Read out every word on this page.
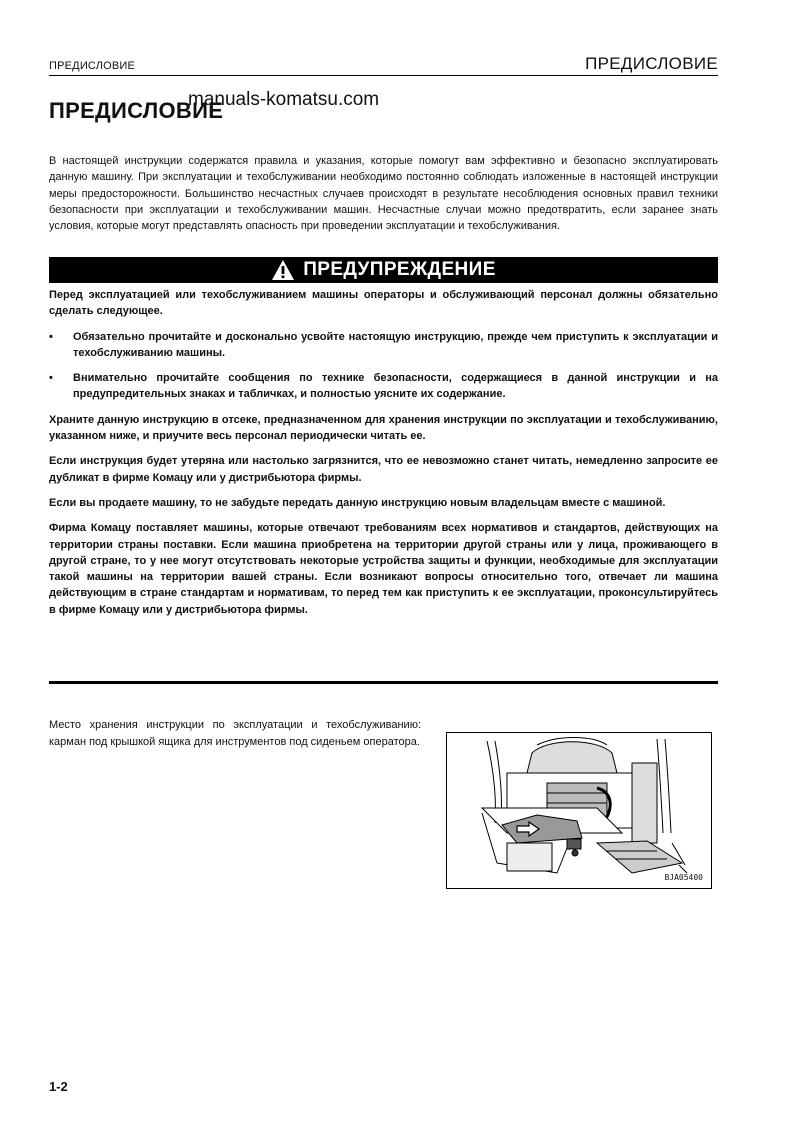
ПРЕДИСЛОВИЕ	ПРЕДИСЛОВИЕ
ПРЕДИСЛОВИЕ
manuals-komatsu.com
В настоящей инструкции содержатся правила и указания, которые помогут вам эффективно и безопасно эксплуатировать данную машину. При эксплуатации и техобслуживании необходимо постоянно соблюдать изложенные в настоящей инструкции меры предосторожности. Большинство несчастных случаев происходят в результате несоблюдения основных правил техники безопасности при эксплуатации и техобслуживании машин. Несчастные случаи можно предотвратить, если заранее знать условия, которые могут представлять опасность при проведении эксплуатации и техобслуживания.
ПРЕДУПРЕЖДЕНИЕ

Перед эксплуатацией или техобслуживанием машины операторы и обслуживающий персонал должны обязательно сделать следующее.

•	Обязательно прочитайте и досконально усвойте настоящую инструкцию, прежде чем приступить к эксплуатации и техобслуживанию машины.
•	Внимательно прочитайте сообщения по технике безопасности, содержащиеся в данной инструкции и на предупредительных знаках и табличках, и полностью уясните их содержание.

Храните данную инструкцию в отсеке, предназначенном для хранения инструкции по эксплуатации и техобслуживанию, указанном ниже, и приучите весь персонал периодически читать ее.

Если инструкция будет утеряна или настолько загрязнится, что ее невозможно станет читать, немедленно запросите ее дубликат в фирме Комацу или у дистрибьютора фирмы.

Если вы продаете машину, то не забудьте передать данную инструкцию новым владельцам вместе с машиной.

Фирма Комацу поставляет машины, которые отвечают требованиям всех нормативов и стандартов, действующих на территории страны поставки. Если машина приобретена на территории другой страны или у лица, проживающего в другой стране, то у нее могут отсутствовать некоторые устройства защиты и функции, необходимые для эксплуатации такой машины на территории вашей страны. Если возникают вопросы относительно того, отвечает ли машина действующим в стране стандартам и нормативам, то перед тем как приступить к ее эксплуатации, проконсультируйтесь в фирме Комацу или у дистрибьютора фирмы.

Место хранения инструкции по эксплуатации и техобслуживанию: карман под крышкой ящика для инструментов под сиденьем оператора.
BJA05400
1-2
